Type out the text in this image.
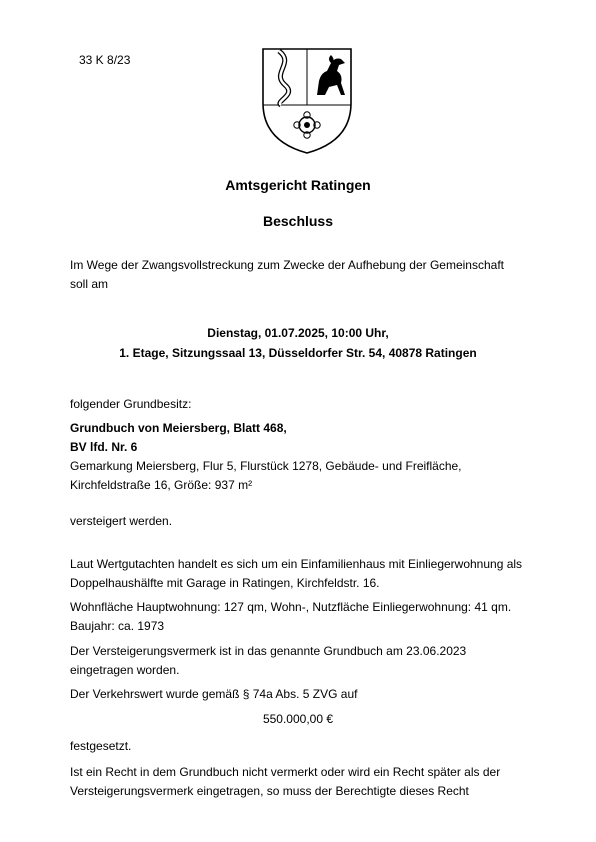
33 K 8/23
Amtsgericht Ratingen
Beschluss
Im Wege der Zwangsvollstreckung zum Zwecke der Aufhebung der Gemeinschaft
soll am
Dienstag, 01.07.2025, 10:00 Uhr,
1. Etage, Sitzungssaal 13, Düsseldorfer Str. 54, 40878 Ratingen
folgender Grundbesitz:
Grundbuch von Meiersberg, Blatt 468,
BV lfd. Nr. 6
Gemarkung Meiersberg, Flur 5, Flurstück 1278, Gebäude- und Freifläche,
Kirchfeldstraße 16, Größe: 937 m²
versteigert werden.
Laut Wertgutachten handelt es sich um ein Einfamilienhaus mit Einliegerwohnung als
Doppelhaushälfte mit Garage in Ratingen, Kirchfeldstr. 16.
Wohnfläche Hauptwohnung: 127 qm, Wohn-, Nutzfläche Einliegerwohnung: 41 qm.
Baujahr: ca. 1973
Der Versteigerungsvermerk ist in das genannte Grundbuch am 23.06.2023
eingetragen worden.
Der Verkehrswert wurde gemäß § 74a Abs. 5 ZVG auf
550.000,00 €
festgesetzt.
Ist ein Recht in dem Grundbuch nicht vermerkt oder wird ein Recht später als der
Versteigerungsvermerk eingetragen, so muss der Berechtigte dieses Recht
